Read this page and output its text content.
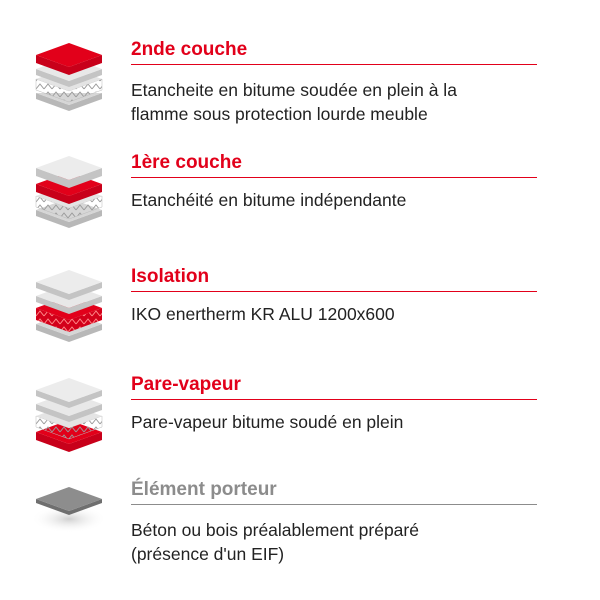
2nde couche
Etancheite en bitume soudée en plein à la
flamme sous protection lourde meuble
1ère couche
Etanchéité en bitume indépendante
Isolation
IKO enertherm KR ALU 1200x600
Pare-vapeur
Pare-vapeur bitume soudé en plein
Élément porteur
Béton ou bois préalablement préparé
(présence d'un EIF)
